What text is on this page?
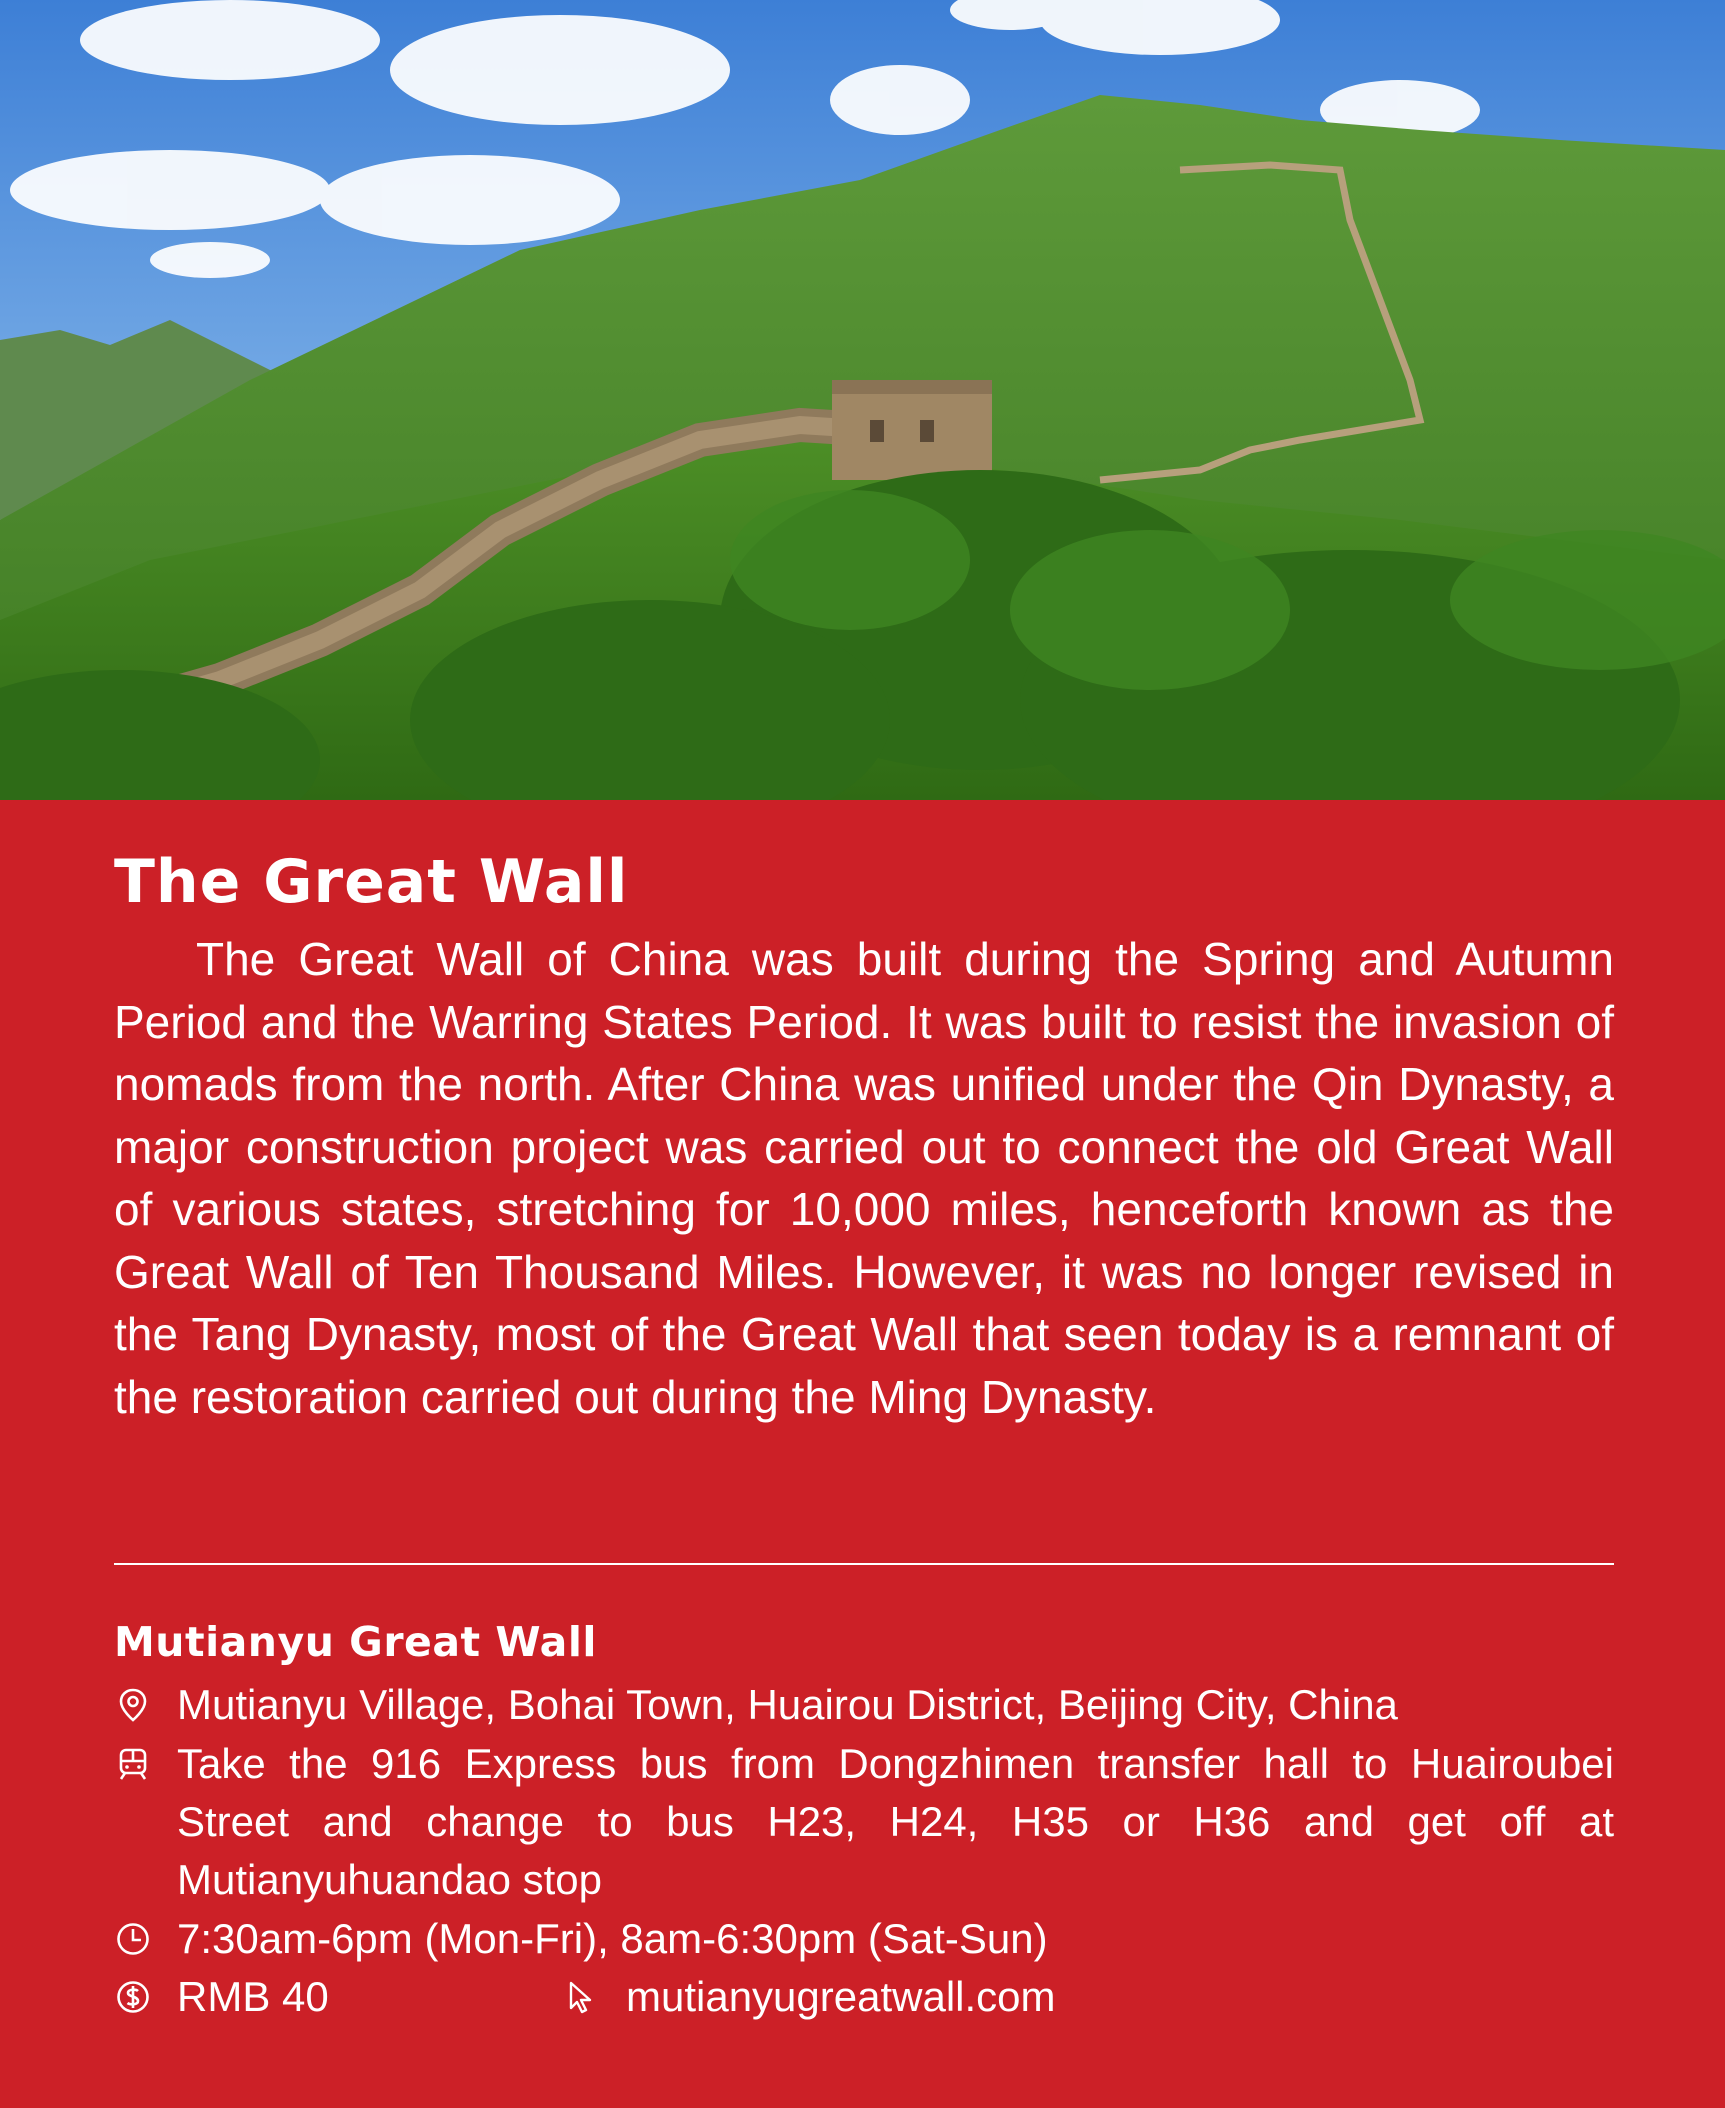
The Great Wall
The Great Wall of China was built during the Spring and Autumn Period and the Warring States Period. It was built to resist the invasion of nomads from the north. After China was unified under the Qin Dynasty, a major construction project was carried out to connect the old Great Wall of various states, stretching for 10,000 miles, henceforth known as the Great Wall of Ten Thousand Miles. However, it was no longer revised in the Tang Dynasty, most of the Great Wall that seen today is a remnant of the restoration carried out during the Ming Dynasty.
Mutianyu Great Wall
Mutianyu Village, Bohai Town, Huairou District, Beijing City, China
Take the 916 Express bus from Dongzhimen transfer hall to Huairoubei Street and change to bus H23, H24, H35 or H36 and get off at Mutianyuhuandao stop
7:30am-6pm (Mon-Fri), 8am-6:30pm (Sat-Sun)
RMB 40	mutianyugreatwall.com
